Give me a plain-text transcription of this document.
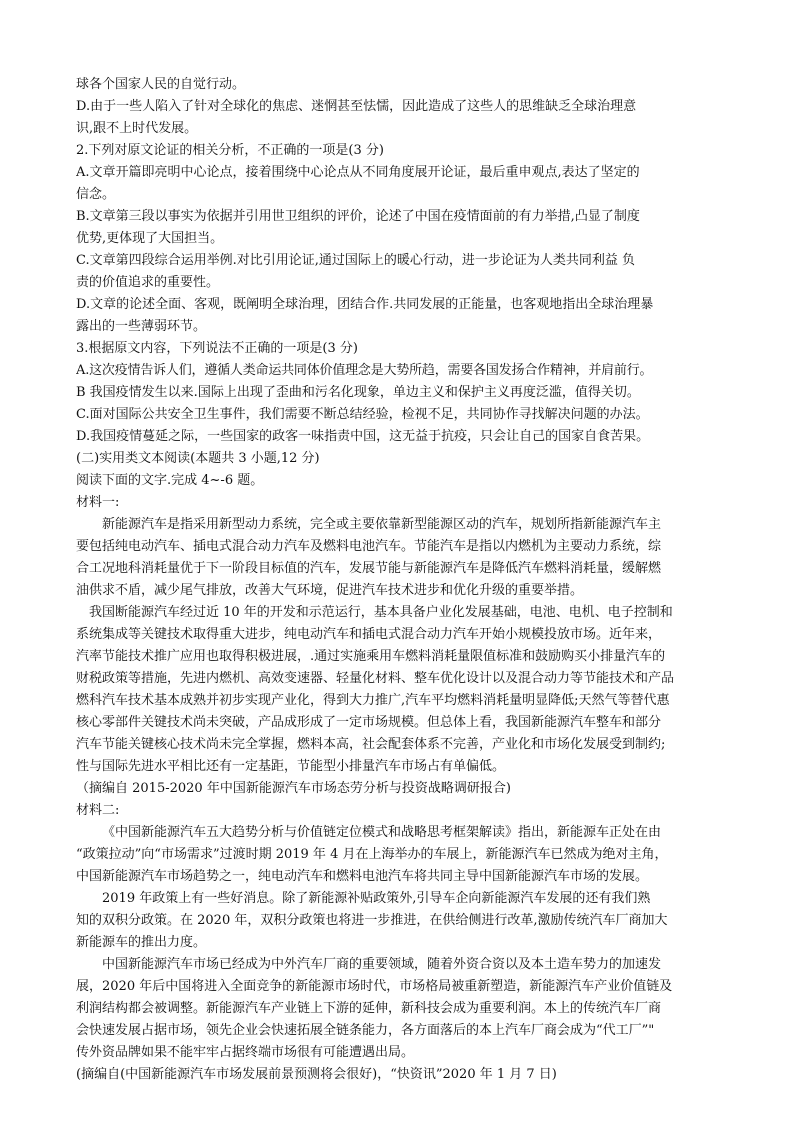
球各个国家人民的自觉行动。
D.由于一些人陷入了针对全球化的焦虑、迷惘甚至怯懦，因此造成了这些人的思维缺乏全球治理意
识,跟不上时代发展。
2.下列对原文论证的相关分析，不正确的一项是(3 分)
A.文章开篇即亮明中心论点，接着围绕中心论点从不同角度展开论证，最后重申观点,表达了坚定的
信念。
B.文章第三段以事实为依据并引用世卫组织的评价，论述了中国在疫情面前的有力举措,凸显了制度
优势,更体现了大国担当。
C.文章第四段综合运用举例.对比引用论证,通过国际上的暖心行动，进一步论证为人类共同利益 负
责的价值追求的重要性。
D.文章的论述全面、客观，既阐明全球治理，团结合作.共同发展的正能量，也客观地指出全球治理暴
露出的一些薄弱环节。
3.根据原文内容，下列说法不正确的一项是(3 分)
A.这次疫情告诉人们，遵循人类命运共同体价值理念是大势所趋，需要各国发扬合作精神，并肩前行。
B 我国疫情发生以来.国际上出现了歪曲和污名化现象，单边主义和保护主义再度泛滥，值得关切。
C.面对国际公共安全卫生事件，我们需要不断总结经验，检视不足，共同协作寻找解决问题的办法。
D.我国疫情蔓延之际，一些国家的政客一味指责中国，这无益于抗疫，只会让自己的国家自食苦果。
(二)实用类文本阅读(本题共 3 小题,12 分)
阅读下面的文字.完成 4~-6 题。
材料一:
新能源汽车是指采用新型动力系统，完全或主要依靠新型能源区动的汽车，规划所指新能源汽车主
要包括纯电动汽车、插电式混合动力汽车及燃料电池汽车。节能汽车是指以内燃机为主要动力系统，综
合工况地科消耗量优于下一阶段目标值的汽车，发展节能与新能源汽车是降低汽车燃料消耗量，缓解燃
油供求不盾，减少尾气排放，改善大气环境，促进汽车技术进步和优化升级的重要举措。
我国断能源汽车经过近 10 年的开发和示范运行，基本具备户业化发展基础，电池、电机、电子控制和
系统集成等关键技术取得重大进步，纯电动汽车和插电式混合动力汽车开始小规模投放市场。近年来，
汽率节能技术推广应用也取得积极进展，.通过实施乘用车燃料消耗量限值标准和鼓励购买小排量汽车的
财税政策等措施，先进内燃机、高效变速器、轻量化材料、整车优化设计以及混合动力等节能技术和产品
燃科汽车技术基本成熟并初步实现产业化，得到大力推广,汽车平均燃料消耗量明显降低;天然气等替代惠
核心零部件关键技术尚未突破，产品成形成了一定市场规模。但总体上看，我国新能源汽车整车和部分
汽车节能关键核心技术尚未完全掌握，燃料本高，社会配套体系不完善，产业化和市场化发展受到制约;
性与国际先进水平相比还有一定基距，节能型小排量汽车市场占有单偏低。
（摘编自 2015-2020 年中国新能源汽车市场态劳分析与投资战略调研报合)
材料二:
《中国新能源汽车五大趋势分析与价值链定位模式和战略思考框架解读》指出，新能源车正处在由
“政策拉动”向“市场需求”过渡时期 2019 年 4 月在上海举办的车展上，新能源汽车已然成为绝对主角，
中国新能源汽车市场趋势之一，纯电动汽车和燃料电池汽车将共同主导中国新能源汽车市场的发展。
2019 年政策上有一些好消息。除了新能源补贴政策外,引导车企向新能源汽车发展的还有我们熟
知的双积分政策。在 2020 年，双积分政策也将进一步推进，在供给侧进行改革,激励传统汽车厂商加大
新能源车的推出力度。
中国新能源汽车市场已经成为中外汽车厂商的重要领域，随着外资合资以及本土造车势力的加速发
展，2020 年后中国将进入全面竞争的新能源市场时代，市场格局被重新塑造，新能源汽车产业价值链及
利润结构都会被调整。新能源汽车产业链上下游的延伸，新科技会成为重要利润。本上的传统汽车厂商
会快速发展占据市场，领先企业会快速拓展全链条能力，各方面落后的本上汽车厂商会成为“代工厂”"
传外资品牌如果不能牢牢占据终端市场很有可能遭遇出局。
(摘编自(中国新能源汽车市场发展前景预测将会很好)，“快资讯”2020 年 1 月 7 日)
